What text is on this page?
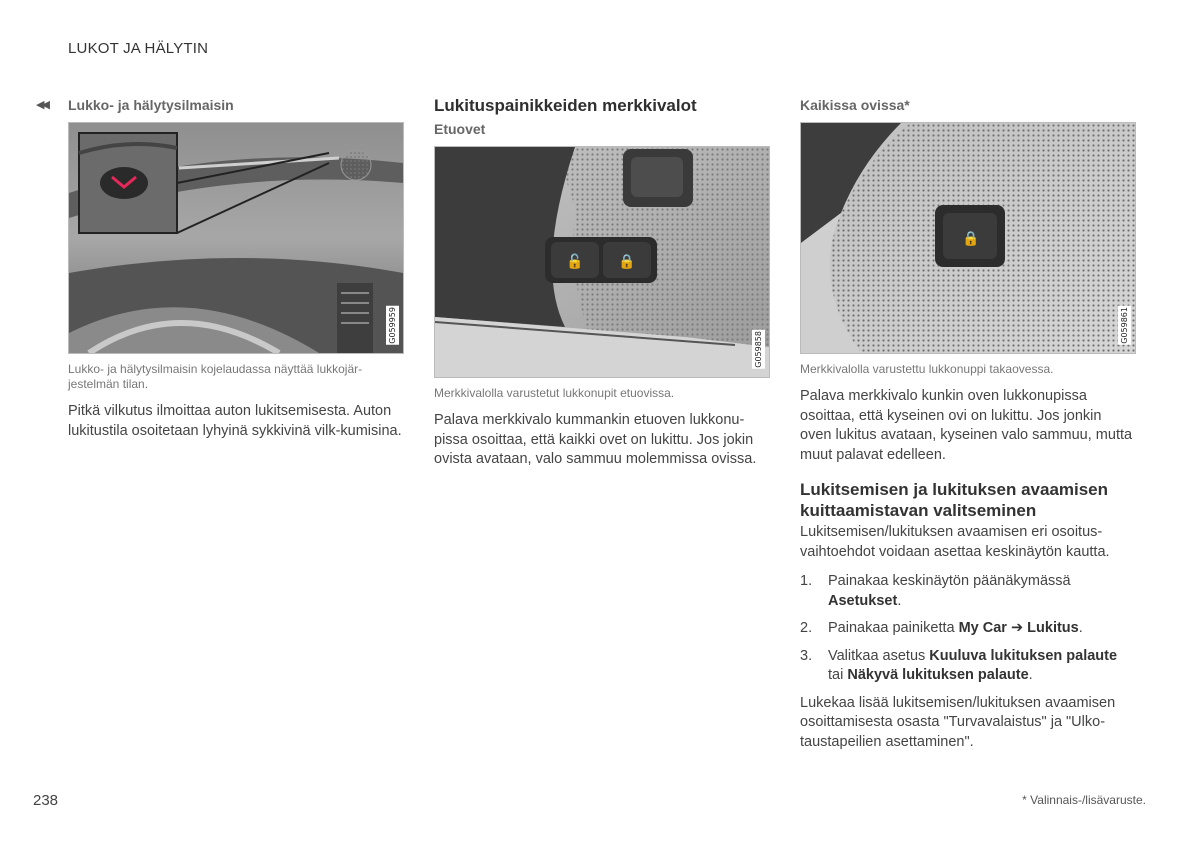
LUKOT JA HÄLYTIN
◀◀ Lukko- ja hälytysilmaisin
G059959
Lukko- ja hälytysilmaisin kojelaudassa näyttää lukkojär-jestelmän tilan.

Pitkä vilkutus ilmoittaa auton lukitsemisesta. Auton lukitustila osoitetaan lyhyinä sykkivinä vilk-kumisina.

Lukituspainikkeiden merkkivalot
Etuovet
🔓 🔒
G059858
Merkkivalolla varustetut lukkonupit etuovissa.

Palava merkkivalo kummankin etuoven lukkonu-pissa osoittaa, että kaikki ovet on lukittu. Jos jokin ovista avataan, valo sammuu molemmissa ovissa.

Kaikissa ovissa*
🔒
G059861
Merkkivalolla varustettu lukkonuppi takaovessa.

Palava merkkivalo kunkin oven lukkonupissa osoittaa, että kyseinen ovi on lukittu. Jos jonkin oven lukitus avataan, kyseinen valo sammuu, mutta muut palavat edelleen.

Lukitsemisen ja lukituksen avaamisen kuittaamistavan valitseminen

Lukitsemisen/lukituksen avaamisen eri osoitus-vaihtoehdot voidaan asettaa keskinäytön kautta.

1. Painakaa keskinäytön päänäkymässä Asetukset.
2. Painakaa painiketta My Car ➔ Lukitus.
3. Valitkaa asetus Kuuluva lukituksen palaute tai Näkyvä lukituksen palaute.

Lukekaa lisää lukitsemisen/lukituksen avaamisen osoittamisesta osasta "Turvavalaistus" ja "Ulko-taustapeilien asettaminen".

238	* Valinnais-/lisävaruste.
